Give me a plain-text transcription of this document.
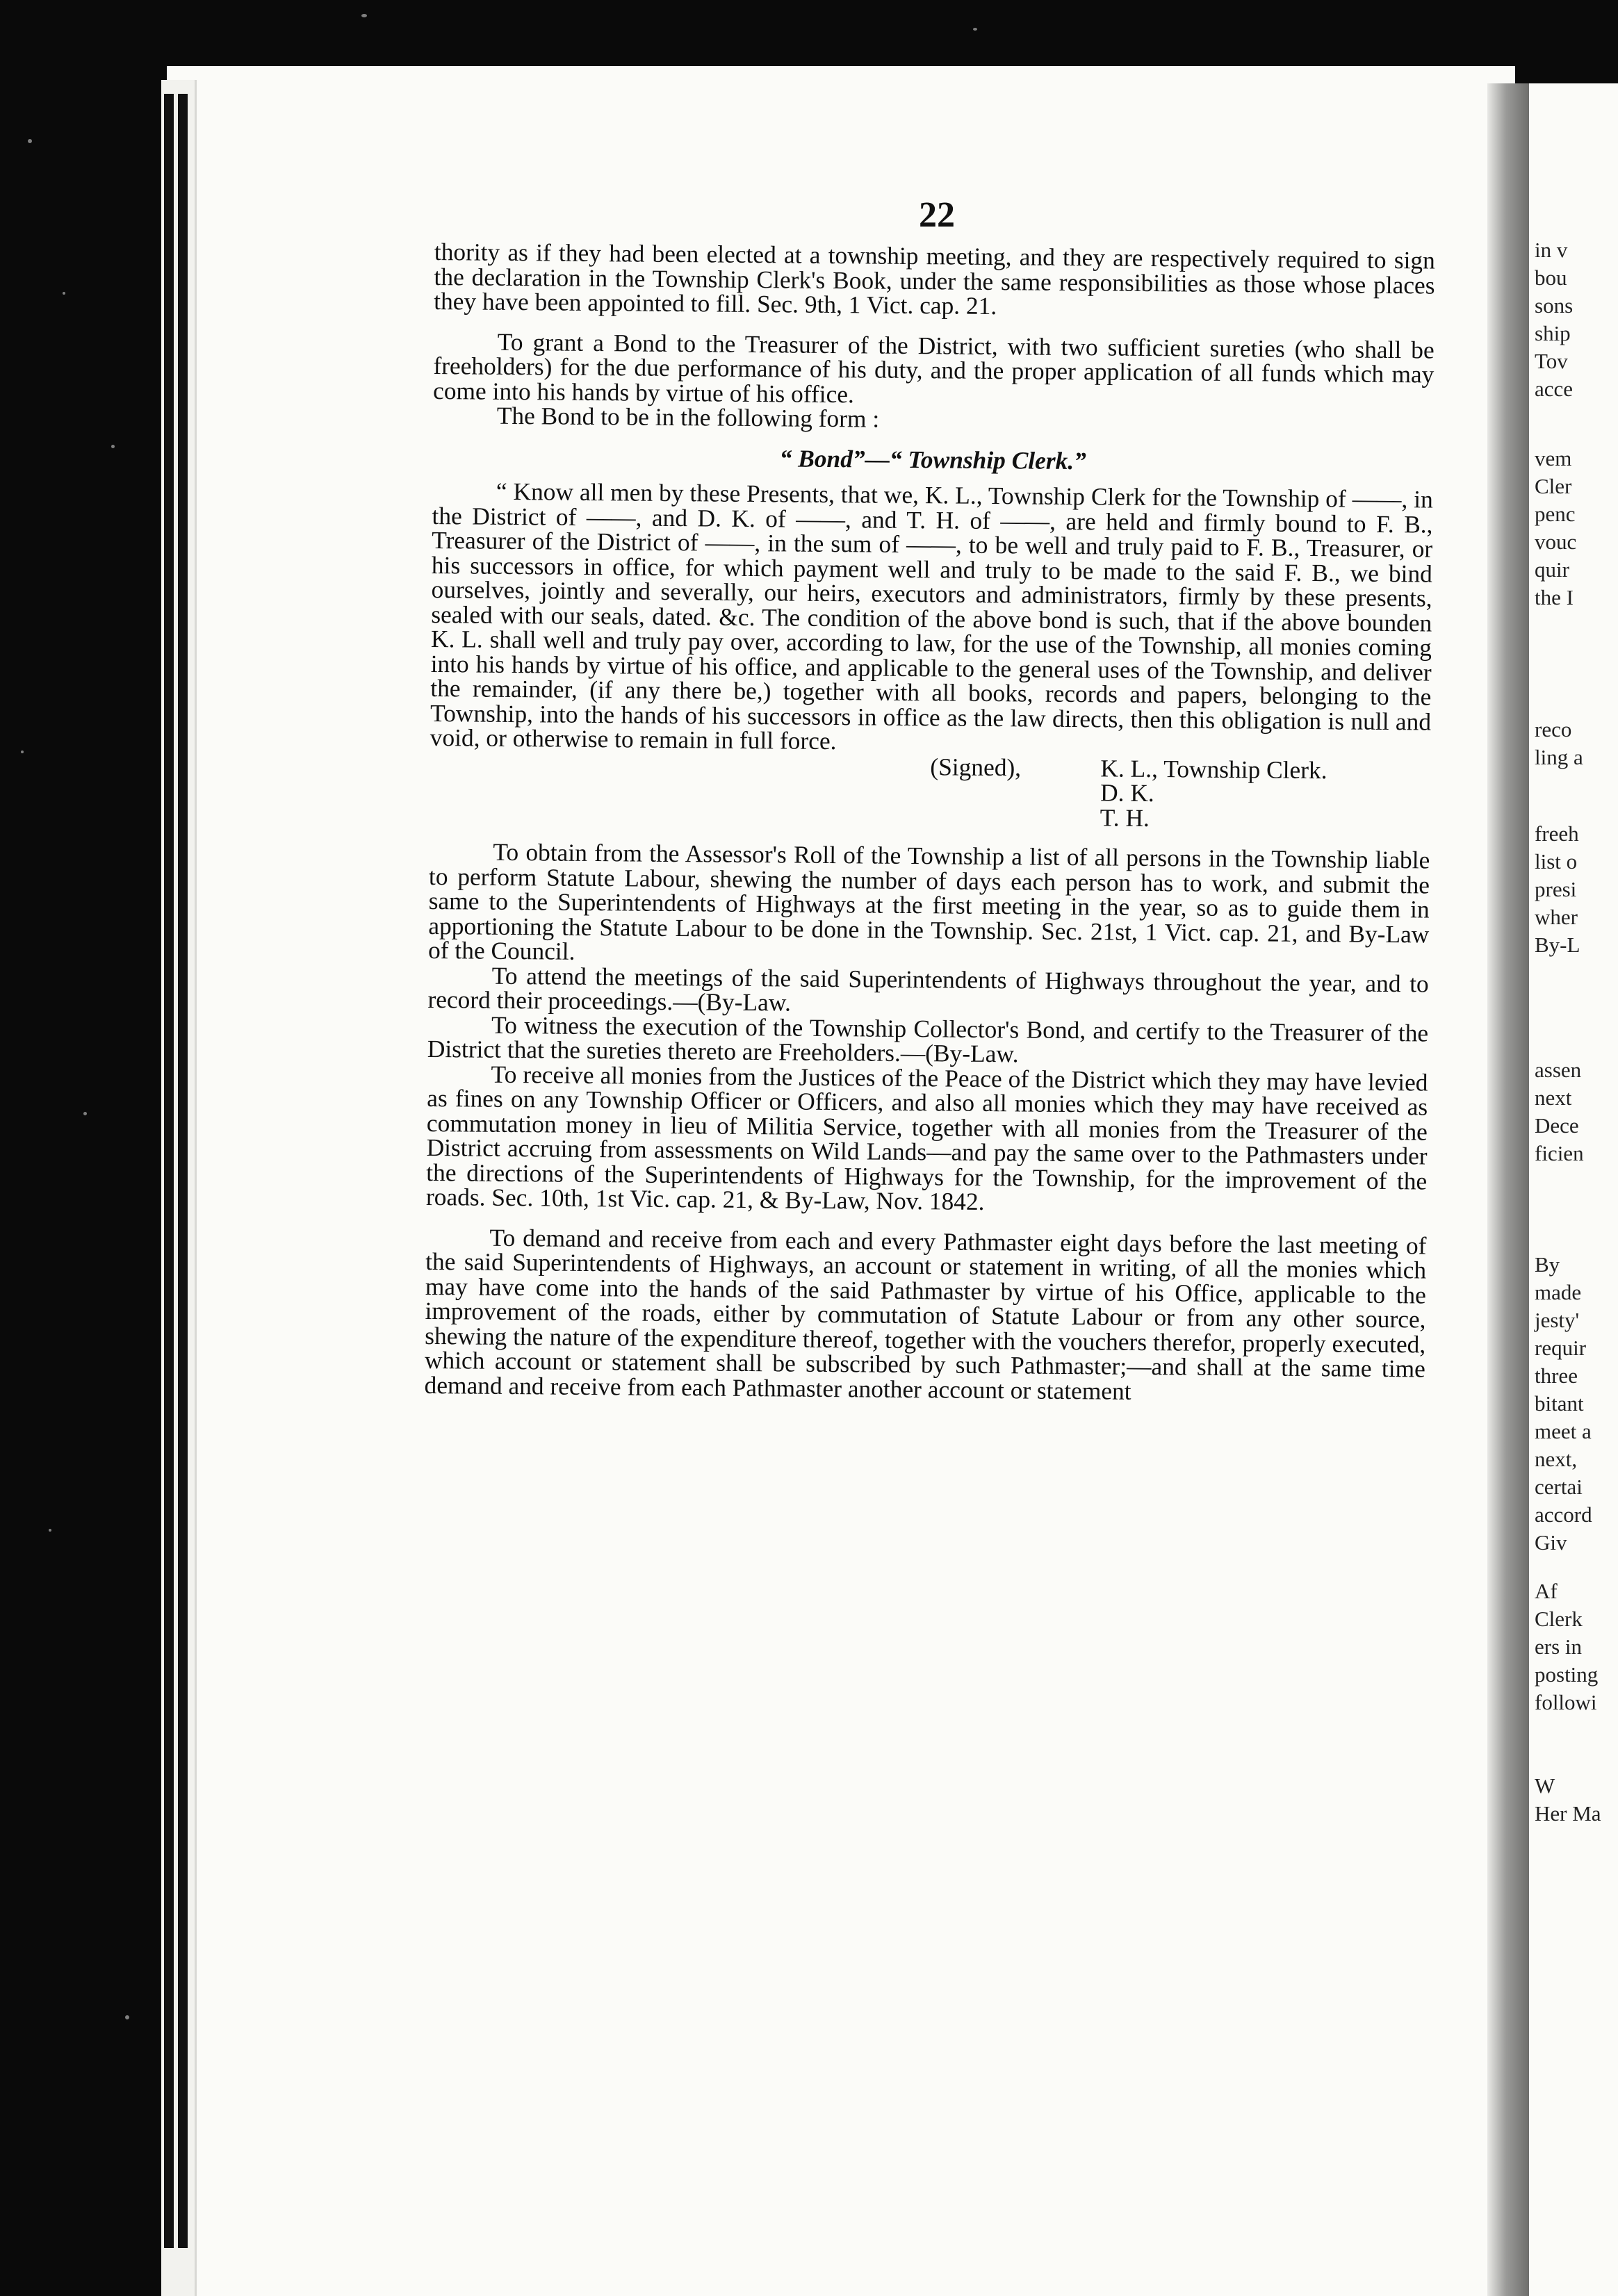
in v
bou
sons
ship
Tov
acce
vem
Cler
penc
vouc
quir
the I
reco
ling a
freeh
list o
presi
wher
By-L
assen
next
Dece
ficien
By
made
jesty'
requir
three
bitant
meet a
next,
certai
accord
Giv
Af
Clerk
ers in
posting
followi
W
Her Ma
22

thority as if they had been elected at a township meeting, and they are respectively required to sign the declaration in the Township Clerk's Book, under the same responsibilities as those whose places they have been appointed to fill. Sec. 9th, 1 Vict. cap. 21.

To grant a Bond to the Treasurer of the District, with two sufficient sureties (who shall be freeholders) for the due performance of his duty, and the proper application of all funds which may come into his hands by virtue of his office.

The Bond to be in the following form :

“ Bond”—“ Township Clerk.”

“ Know all men by these Presents, that we, K. L., Township Clerk for the Township of ——, in the District of ——, and D. K. of ——, and T. H. of ——, are held and firmly bound to F. B., Treasurer of the District of ——, in the sum of ——, to be well and truly paid to F. B., Treasurer, or his successors in office, for which payment well and truly to be made to the said F. B., we bind ourselves, jointly and severally, our heirs, executors and administrators, firmly by these presents, sealed with our seals, dated. &c. The condition of the above bond is such, that if the above bounden K. L. shall well and truly pay over, according to law, for the use of the Township, all monies coming into his hands by virtue of his office, and applicable to the general uses of the Township, and deliver the remainder, (if any there be,) together with all books, records and papers, belonging to the Township, into the hands of his successors in office as the law directs, then this obligation is null and void, or otherwise to remain in full force.

(Signed),	K. L., Township Clerk.
D. K.
T. H.

To obtain from the Assessor's Roll of the Township a list of all persons in the Township liable to perform Statute Labour, shewing the number of days each person has to work, and submit the same to the Superintendents of Highways at the first meeting in the year, so as to guide them in apportioning the Statute Labour to be done in the Township. Sec. 21st, 1 Vict. cap. 21, and By-Law of the Council.

To attend the meetings of the said Superintendents of Highways throughout the year, and to record their proceedings.—(By-Law.

To witness the execution of the Township Collector's Bond, and certify to the Treasurer of the District that the sureties thereto are Freeholders.—(By-Law.

To receive all monies from the Justices of the Peace of the District which they may have levied as fines on any Township Officer or Officers, and also all monies which they may have received as commutation money in lieu of Militia Service, together with all monies from the Treasurer of the District accruing from assessments on Wild Lands—and pay the same over to the Pathmasters under the directions of the Superintendents of Highways for the Township, for the improvement of the roads. Sec. 10th, 1st Vic. cap. 21, & By-Law, Nov. 1842.

To demand and receive from each and every Pathmaster eight days before the last meeting of the said Superintendents of Highways, an account or statement in writing, of all the monies which may have come into the hands of the said Pathmaster by virtue of his Office, applicable to the improvement of the roads, either by commutation of Statute Labour or from any other source, shewing the nature of the expenditure thereof, together with the vouchers therefor, properly executed, which account or statement shall be subscribed by such Pathmaster;—and shall at the same time demand and receive from each Pathmaster another account or statement
